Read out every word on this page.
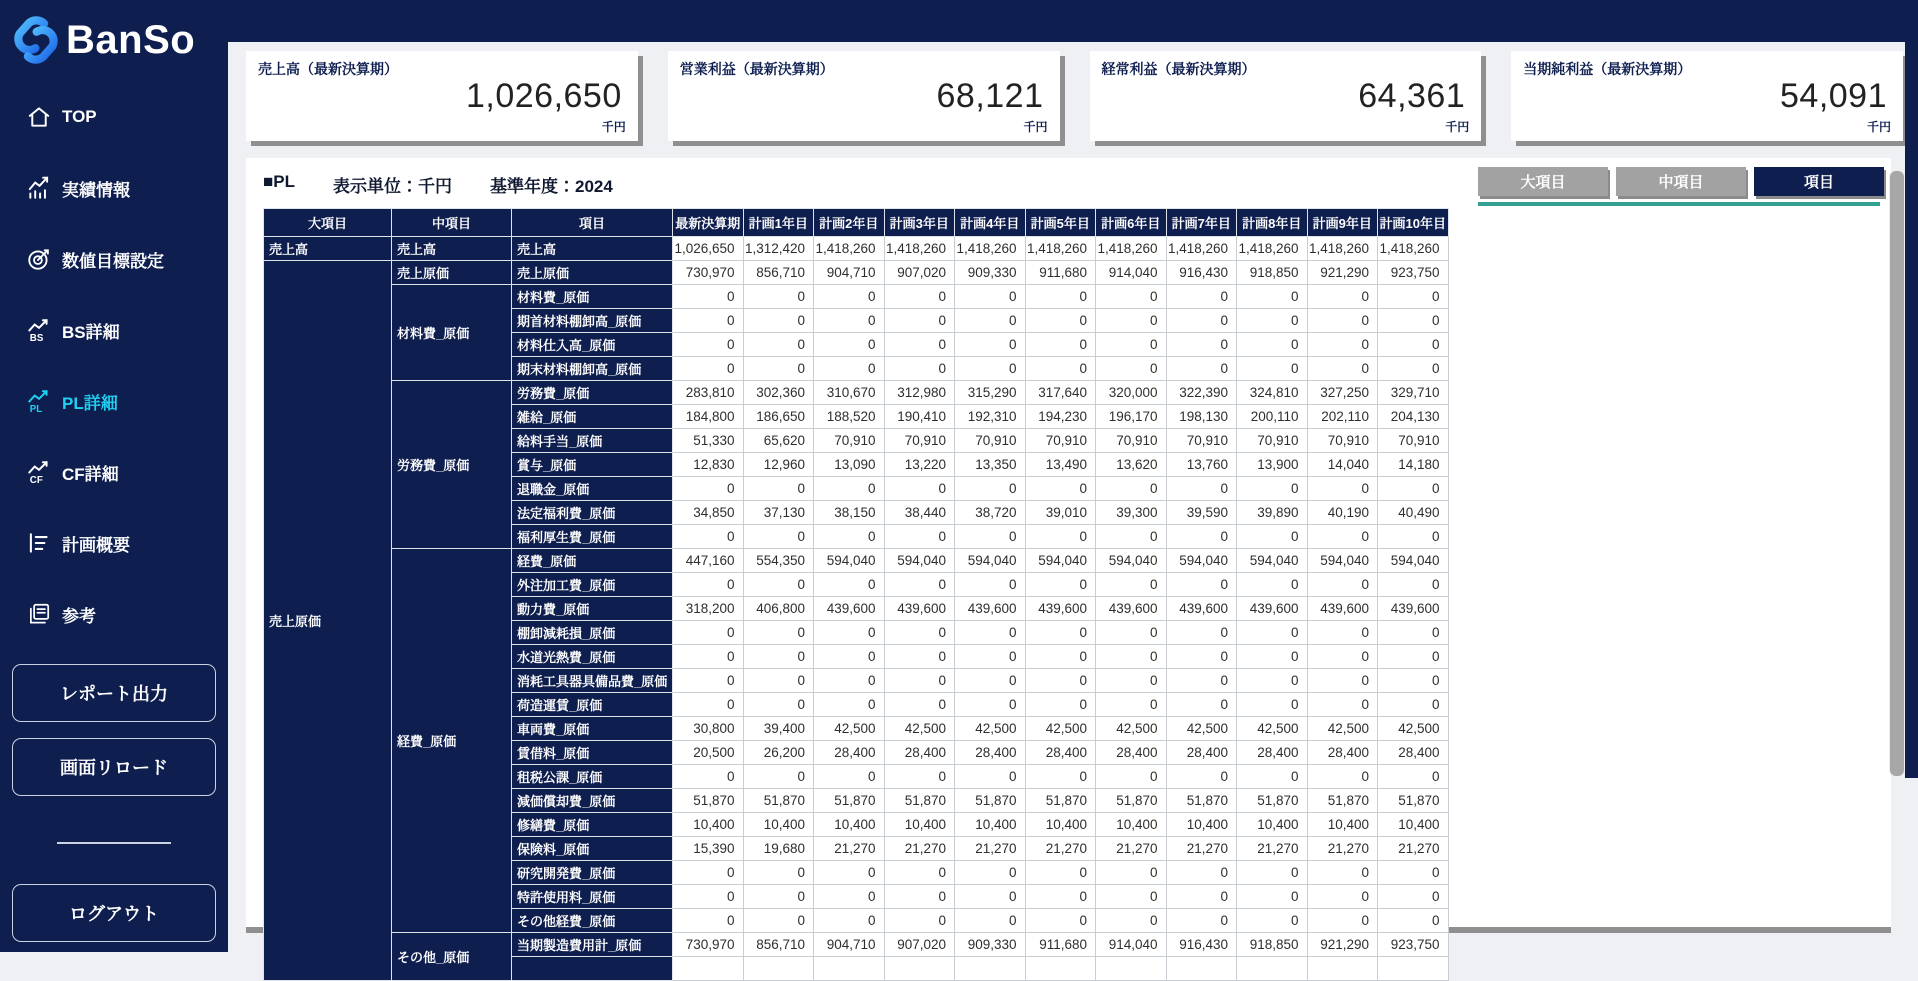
BanSo
TOP
実績情報
数値目標設定
BS BS詳細
PL PL詳細
CF CF詳細
計画概要
参考
レポート出力
画面リロード
ログアウト
売上高（最新決算期）
1,026,650
千円
営業利益（最新決算期）
68,121
千円
経常利益（最新決算期）
64,361
千円
当期純利益（最新決算期）
54,091
千円
■PL 表示単位：千円 基準年度：2024	大項目	中項目	項目
大項目	中項目	項目	最新決算期	計画1年目	計画2年目	計画3年目	計画4年目	計画5年目	計画6年目	計画7年目	計画8年目	計画9年目	計画10年目
売上高	売上高	売上高	1,026,650	1,312,420	1,418,260	1,418,260	1,418,260	1,418,260	1,418,260	1,418,260	1,418,260	1,418,260	1,418,260
売上原価	売上原価	売上原価	730,970	856,710	904,710	907,020	909,330	911,680	914,040	916,430	918,850	921,290	923,750
	材料費_原価	材料費_原価	0	0	0	0	0	0	0	0	0	0	0
		期首材料棚卸高_原価	0	0	0	0	0	0	0	0	0	0	0
		材料仕入高_原価	0	0	0	0	0	0	0	0	0	0	0
		期末材料棚卸高_原価	0	0	0	0	0	0	0	0	0	0	0
	労務費_原価	労務費_原価	283,810	302,360	310,670	312,980	315,290	317,640	320,000	322,390	324,810	327,250	329,710
		雑給_原価	184,800	186,650	188,520	190,410	192,310	194,230	196,170	198,130	200,110	202,110	204,130
		給料手当_原価	51,330	65,620	70,910	70,910	70,910	70,910	70,910	70,910	70,910	70,910	70,910
		賞与_原価	12,830	12,960	13,090	13,220	13,350	13,490	13,620	13,760	13,900	14,040	14,180
		退職金_原価	0	0	0	0	0	0	0	0	0	0	0
		法定福利費_原価	34,850	37,130	38,150	38,440	38,720	39,010	39,300	39,590	39,890	40,190	40,490
		福利厚生費_原価	0	0	0	0	0	0	0	0	0	0	0
	経費_原価	経費_原価	447,160	554,350	594,040	594,040	594,040	594,040	594,040	594,040	594,040	594,040	594,040
		外注加工費_原価	0	0	0	0	0	0	0	0	0	0	0
		動力費_原価	318,200	406,800	439,600	439,600	439,600	439,600	439,600	439,600	439,600	439,600	439,600
		棚卸減耗損_原価	0	0	0	0	0	0	0	0	0	0	0
		水道光熱費_原価	0	0	0	0	0	0	0	0	0	0	0
		消耗工具器具備品費_原価	0	0	0	0	0	0	0	0	0	0	0
		荷造運賃_原価	0	0	0	0	0	0	0	0	0	0	0
		車両費_原価	30,800	39,400	42,500	42,500	42,500	42,500	42,500	42,500	42,500	42,500	42,500
		賃借料_原価	20,500	26,200	28,400	28,400	28,400	28,400	28,400	28,400	28,400	28,400	28,400
		租税公課_原価	0	0	0	0	0	0	0	0	0	0	0
		減価償却費_原価	51,870	51,870	51,870	51,870	51,870	51,870	51,870	51,870	51,870	51,870	51,870
		修繕費_原価	10,400	10,400	10,400	10,400	10,400	10,400	10,400	10,400	10,400	10,400	10,400
		保険料_原価	15,390	19,680	21,270	21,270	21,270	21,270	21,270	21,270	21,270	21,270	21,270
		研究開発費_原価	0	0	0	0	0	0	0	0	0	0	0
		特許使用料_原価	0	0	0	0	0	0	0	0	0	0	0
		その他経費_原価	0	0	0	0	0	0	0	0	0	0	0
	その他_原価	当期製造費用計_原価	730,970	856,710	904,710	907,020	909,330	911,680	914,040	916,430	918,850	921,290	923,750
